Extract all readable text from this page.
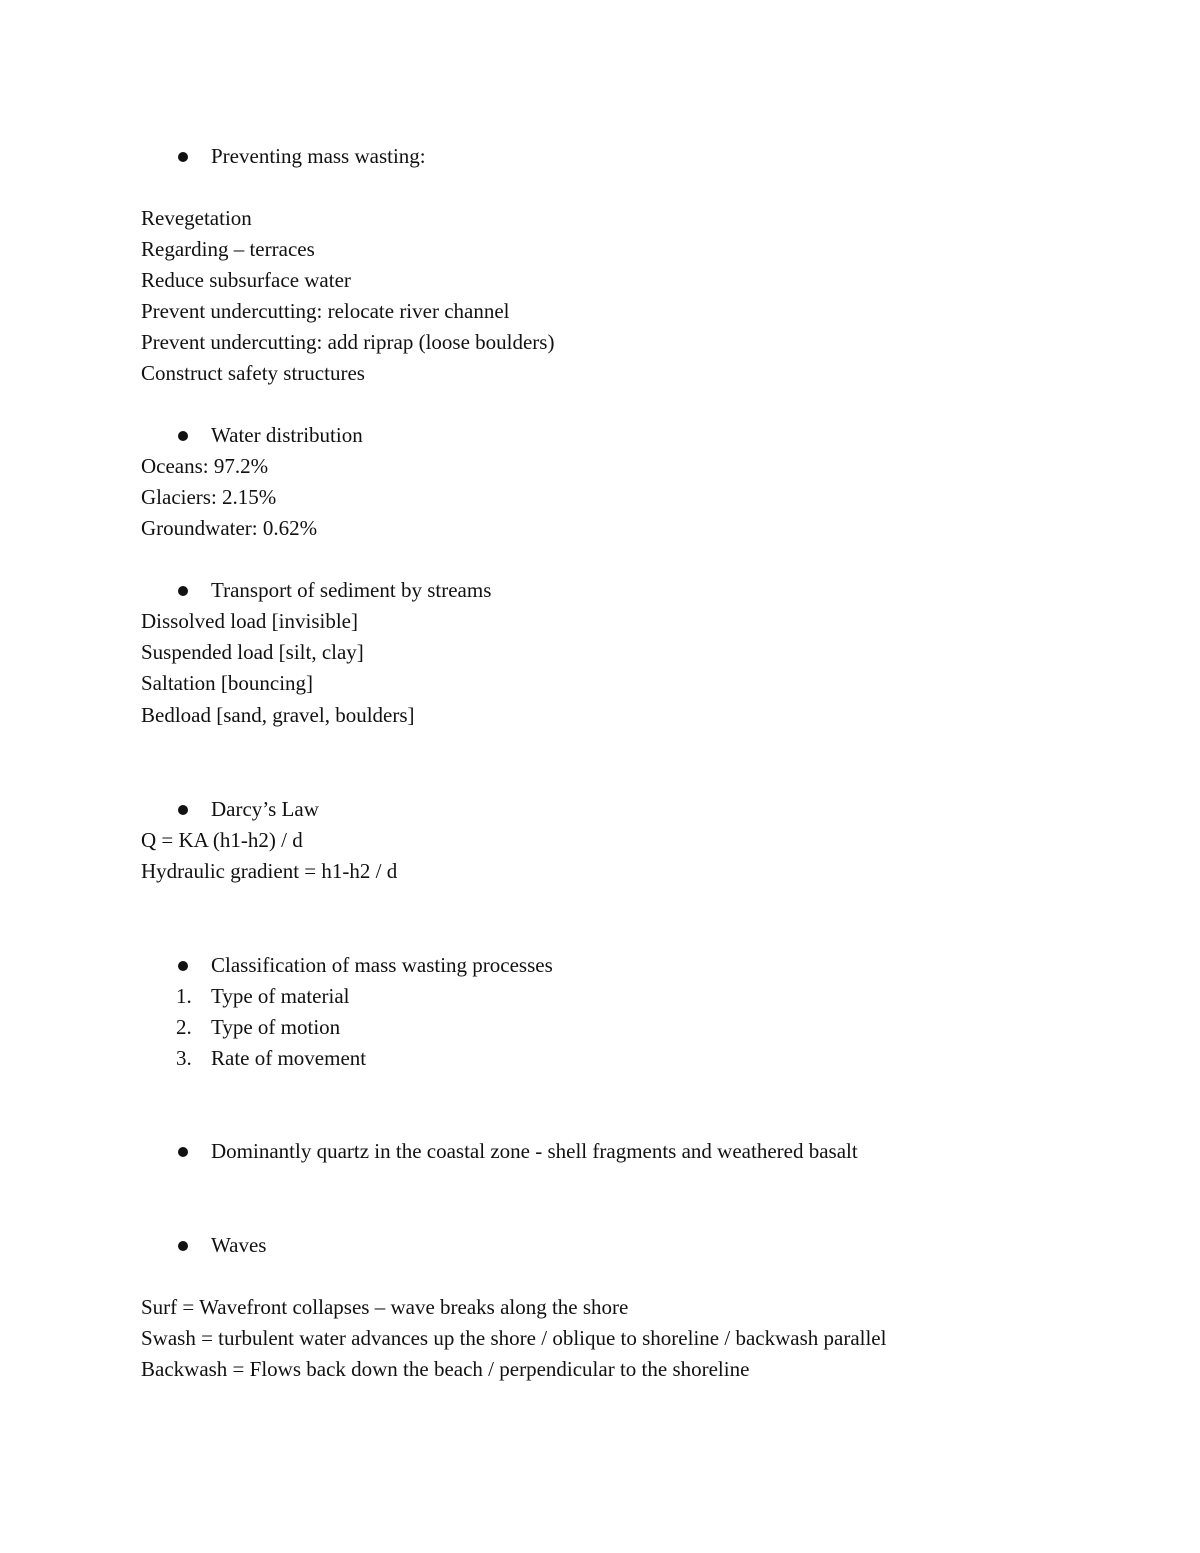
Preventing mass wasting:
Revegetation
Regarding – terraces
Reduce subsurface water
Prevent undercutting: relocate river channel
Prevent undercutting: add riprap (loose boulders)
Construct safety structures
Water distribution
Oceans: 97.2%
Glaciers: 2.15%
Groundwater: 0.62%
Transport of sediment by streams
Dissolved load [invisible]
Suspended load [silt, clay]
Saltation [bouncing]
Bedload [sand, gravel, boulders]
Darcy’s Law
Q = KA (h1-h2) / d
Hydraulic gradient = h1-h2 / d
Classification of mass wasting processes
1. Type of material
2. Type of motion
3. Rate of movement
Dominantly quartz in the coastal zone - shell fragments and weathered basalt
Waves
Surf = Wavefront collapses – wave breaks along the shore
Swash = turbulent water advances up the shore / oblique to shoreline / backwash parallel
Backwash = Flows back down the beach / perpendicular to the shoreline
